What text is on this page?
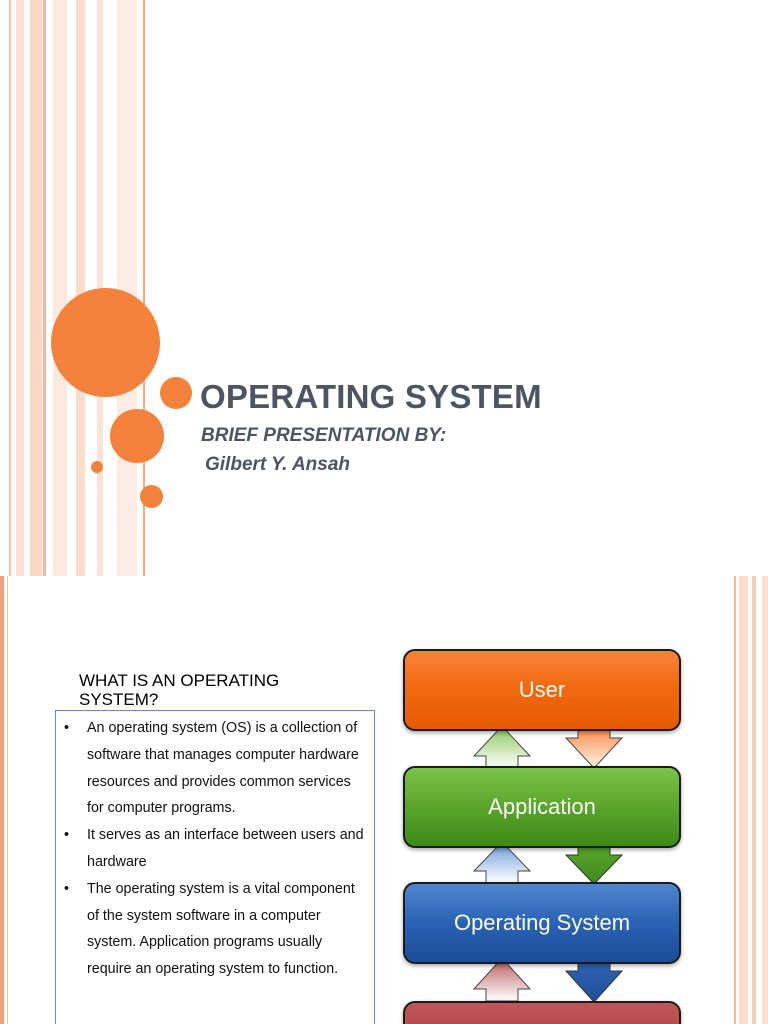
OPERATING SYSTEM
BRIEF PRESENTATION BY:
Gilbert Y. Ansah
WHAT IS AN OPERATING SYSTEM?
• An operating system (OS) is a collection of software that manages computer hardware resources and provides common services for computer programs.
• It serves as an interface between users and hardware
• The operating system is a vital component of the system software in a computer system. Application programs usually require an operating system to function.
User
Application
Operating System
